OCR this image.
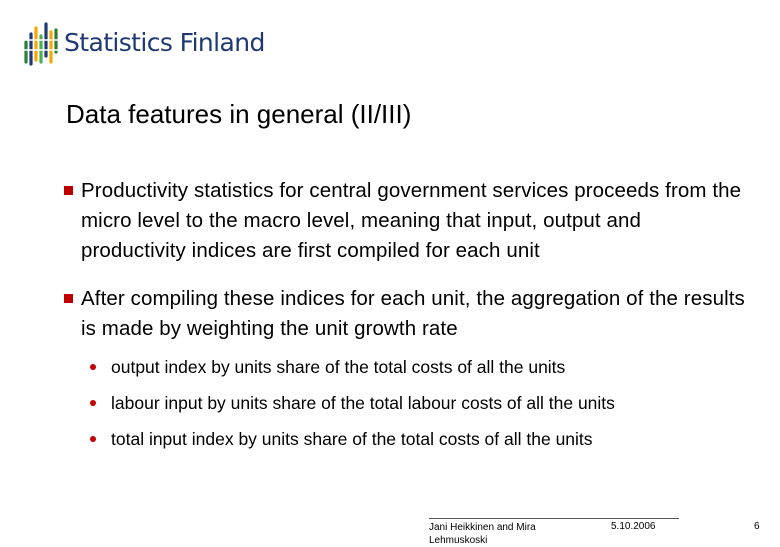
Statistics Finland
Data features in general (II/III)
Productivity statistics for central government services proceeds from the micro level to the macro level, meaning that input, output and productivity indices are first compiled for each unit
After compiling these indices for each unit, the aggregation of the results is made by weighting the unit growth rate
output index by units share of the total costs of all the units
labour input by units share of the total labour costs of all the units
total input index by units share of the total costs of all the units
Jani Heikkinen and Mira Lehmuskoski
5.10.2006	6
